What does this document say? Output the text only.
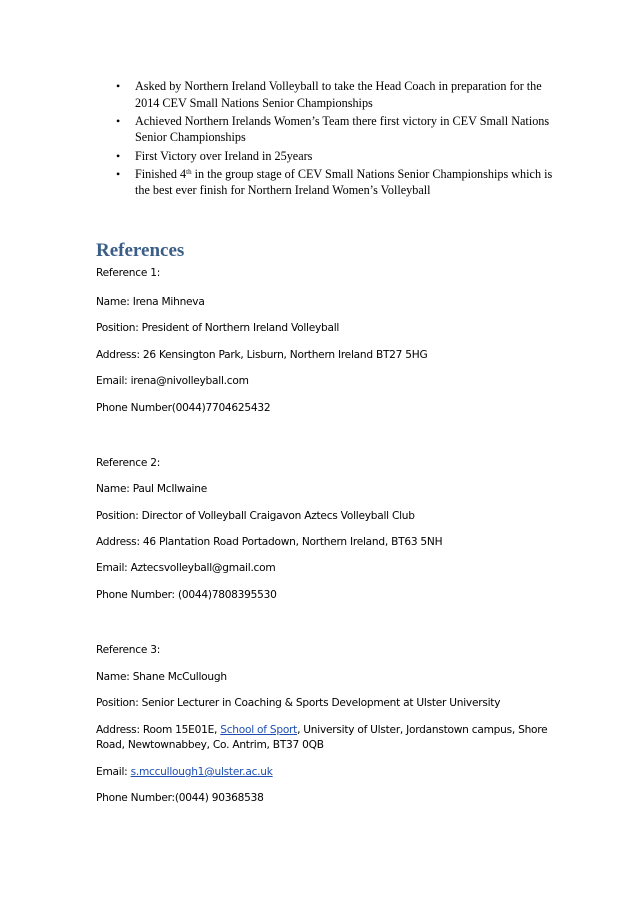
• Asked by Northern Ireland Volleyball to take the Head Coach in preparation for the 2014 CEV Small Nations Senior Championships
• Achieved Northern Irelands Women’s Team there first victory in CEV Small Nations Senior Championships
• First Victory over Ireland in 25years
• Finished 4th in the group stage of CEV Small Nations Senior Championships which is the best ever finish for Northern Ireland Women’s Volleyball
References

Reference 1:

Name: Irena Mihneva

Position: President of Northern Ireland Volleyball

Address: 26 Kensington Park, Lisburn, Northern Ireland BT27 5HG

Email: irena@nivolleyball.com

Phone Number(0044)7704625432

Reference 2:

Name: Paul McIlwaine

Position: Director of Volleyball Craigavon Aztecs Volleyball Club

Address: 46 Plantation Road Portadown, Northern Ireland, BT63 5NH

Email: Aztecsvolleyball@gmail.com

Phone Number: (0044)7808395530

Reference 3:

Name: Shane McCullough

Position: Senior Lecturer in Coaching & Sports Development at Ulster University

Address: Room 15E01E, School of Sport, University of Ulster, Jordanstown campus, Shore Road, Newtownabbey, Co. Antrim, BT37 0QB

Email: s.mccullough1@ulster.ac.uk

Phone Number:(0044) 90368538
